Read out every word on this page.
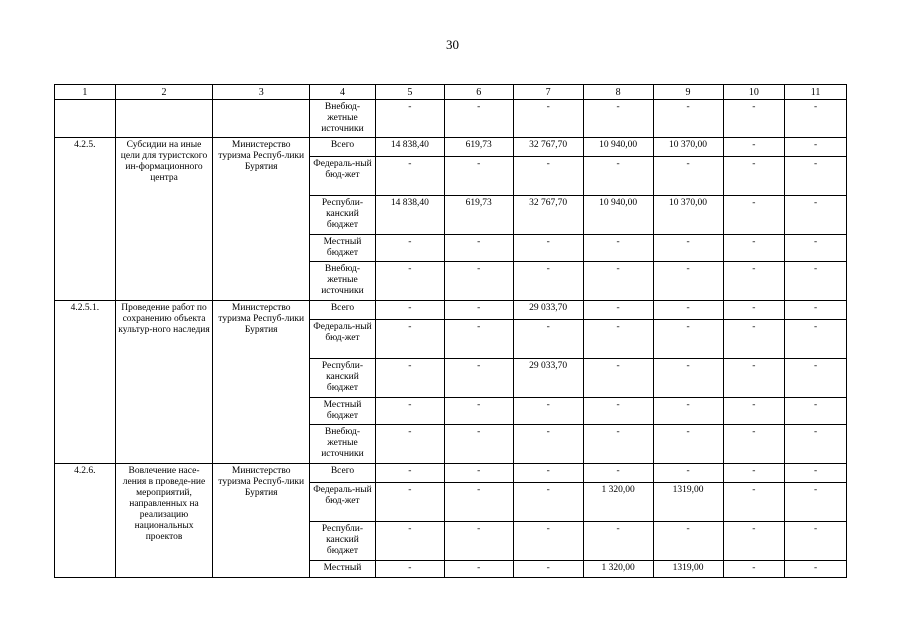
30
1	2	3	4	5	6	7	8	9	10	11
			Внебюд-жетные источники	-	-	-	-	-	-	-
4.2.5.	Субсидии на иные цели для туристского ин-формационного центра	Министерство туризма Респуб-лики Бурятия	Всего	14 838,40	619,73	32 767,70	10 940,00	10 370,00	-	-
			Федераль-ный бюд-жет	-	-	-	-	-	-	-
			Республи-канский бюджет	14 838,40	619,73	32 767,70	10 940,00	10 370,00	-	-
			Местный бюджет	-	-	-	-	-	-	-
			Внебюд-жетные источники	-	-	-	-	-	-	-
4.2.5.1.	Проведение работ по сохранению объекта культур-ного наследия	Министерство туризма Респуб-лики Бурятия	Всего	-	-	29 033,70	-	-	-	-
			Федераль-ный бюд-жет	-	-	-	-	-	-	-
			Республи-канский бюджет	-	-	29 033,70	-	-	-	-
			Местный бюджет	-	-	-	-	-	-	-
			Внебюд-жетные источники	-	-	-	-	-	-	-
4.2.6.	Вовлечение насе-ления в проведе-ние мероприятий, направленных на реализацию национальных проектов	Министерство туризма Респуб-лики Бурятия	Всего	-	-	-	-	-	-	-
			Федераль-ный бюд-жет	-	-	-	1 320,00	1319,00	-	-
			Республи-канский бюджет	-	-	-	-	-	-	-
			Местный	-	-	-	1 320,00	1319,00	-	-
